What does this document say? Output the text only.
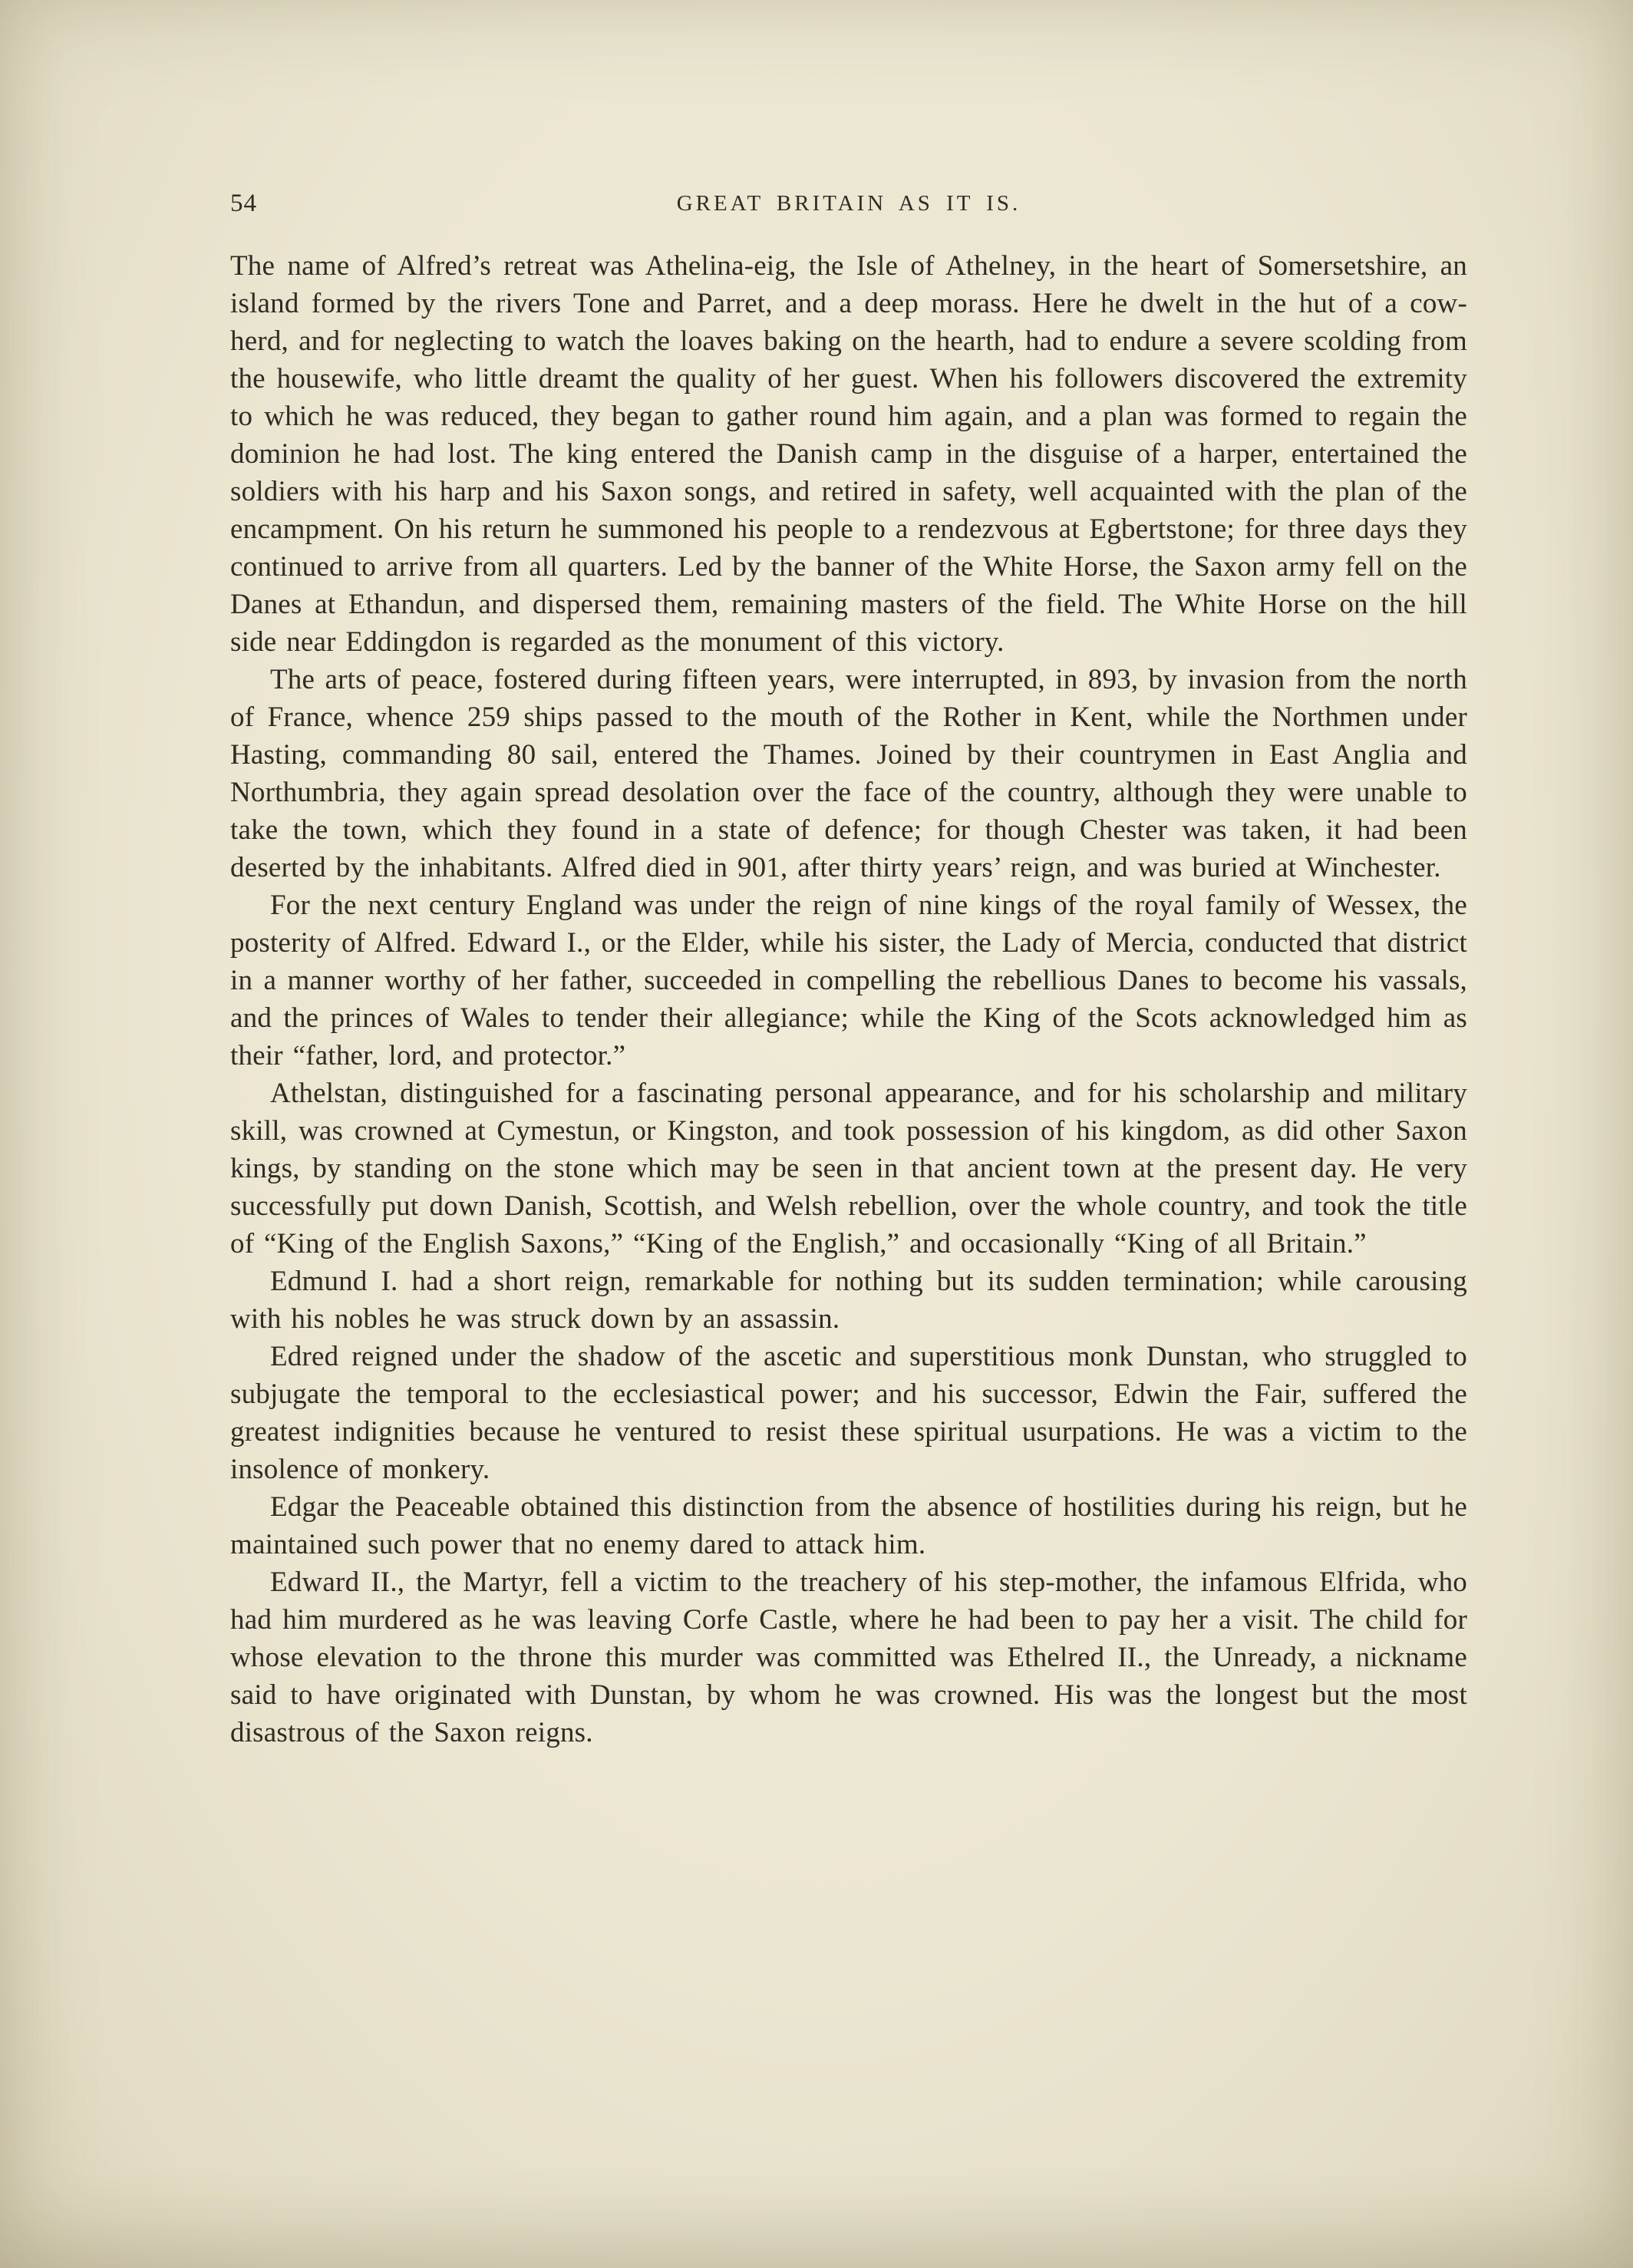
54	GREAT BRITAIN AS IT IS.

The name of Alfred’s retreat was Athelina-eig, the Isle of Athelney, in the heart of Somersetshire, an island formed by the rivers Tone and Parret, and a deep morass. Here he dwelt in the hut of a cow-herd, and for neglecting to watch the loaves baking on the hearth, had to endure a severe scolding from the housewife, who little dreamt the quality of her guest. When his followers discovered the extremity to which he was reduced, they began to gather round him again, and a plan was formed to regain the dominion he had lost. The king entered the Danish camp in the disguise of a harper, entertained the soldiers with his harp and his Saxon songs, and retired in safety, well acquainted with the plan of the encampment. On his return he summoned his people to a rendezvous at Egbertstone; for three days they continued to arrive from all quarters. Led by the banner of the White Horse, the Saxon army fell on the Danes at Ethandun, and dispersed them, remaining masters of the field. The White Horse on the hill side near Eddingdon is regarded as the monument of this victory.

The arts of peace, fostered during fifteen years, were interrupted, in 893, by invasion from the north of France, whence 259 ships passed to the mouth of the Rother in Kent, while the Northmen under Hasting, commanding 80 sail, entered the Thames. Joined by their countrymen in East Anglia and Northumbria, they again spread desolation over the face of the country, although they were unable to take the town, which they found in a state of defence; for though Chester was taken, it had been deserted by the inhabitants. Alfred died in 901, after thirty years’ reign, and was buried at Winchester.

For the next century England was under the reign of nine kings of the royal family of Wessex, the posterity of Alfred. Edward I., or the Elder, while his sister, the Lady of Mercia, conducted that district in a manner worthy of her father, succeeded in compelling the rebellious Danes to become his vassals, and the princes of Wales to tender their allegiance; while the King of the Scots acknowledged him as their “father, lord, and protector.”

Athelstan, distinguished for a fascinating personal appearance, and for his scholarship and military skill, was crowned at Cymestun, or Kingston, and took possession of his kingdom, as did other Saxon kings, by standing on the stone which may be seen in that ancient town at the present day. He very successfully put down Danish, Scottish, and Welsh rebellion, over the whole country, and took the title of “King of the English Saxons,” “King of the English,” and occasionally “King of all Britain.”

Edmund I. had a short reign, remarkable for nothing but its sudden termination; while carousing with his nobles he was struck down by an assassin.

Edred reigned under the shadow of the ascetic and superstitious monk Dunstan, who struggled to subjugate the temporal to the ecclesiastical power; and his successor, Edwin the Fair, suffered the greatest indignities because he ventured to resist these spiritual usurpations. He was a victim to the insolence of monkery.

Edgar the Peaceable obtained this distinction from the absence of hostilities during his reign, but he maintained such power that no enemy dared to attack him.

Edward II., the Martyr, fell a victim to the treachery of his step-mother, the infamous Elfrida, who had him murdered as he was leaving Corfe Castle, where he had been to pay her a visit. The child for whose elevation to the throne this murder was committed was Ethelred II., the Unready, a nickname said to have originated with Dunstan, by whom he was crowned. His was the longest but the most disastrous of the Saxon reigns.
